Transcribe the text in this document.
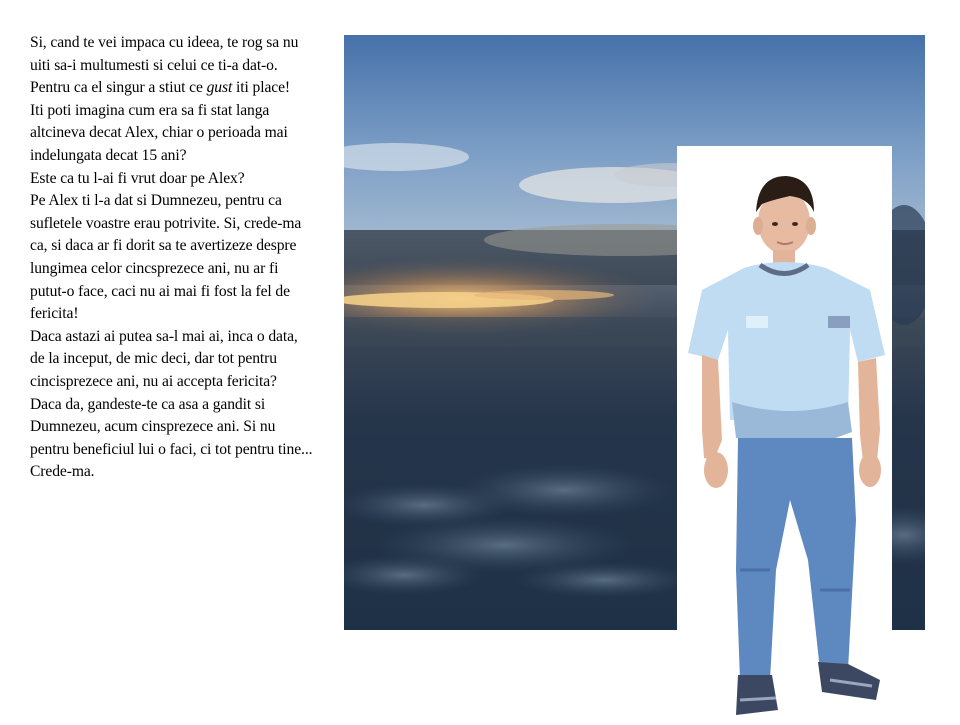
Si, cand te vei impaca cu ideea, te rog sa nu uiti sa-i multumesti si celui ce ti-a dat-o.

Pentru ca el singur a stiut ce gust iti place!

Iti poti imagina cum era sa fi stat langa altcineva decat Alex, chiar o perioada mai indelungata decat 15 ani?

Este ca tu l-ai fi vrut doar pe Alex?

Pe Alex ti l-a dat si Dumnezeu, pentru ca sufletele voastre erau potrivite. Si, crede-ma ca, si daca ar fi dorit sa te avertizeze despre lungimea celor cincsprezece ani, nu ar fi putut-o face, caci nu ai mai fi fost la fel de fericita!

Daca astazi ai putea sa-l mai ai, inca o data, de la inceput, de mic deci, dar tot pentru cincisprezece ani, nu ai accepta fericita?

Daca da, gandeste-te ca asa a gandit si Dumnezeu, acum cinsprezece ani. Si nu pentru beneficiul lui o faci, ci tot pentru tine...

Crede-ma.
